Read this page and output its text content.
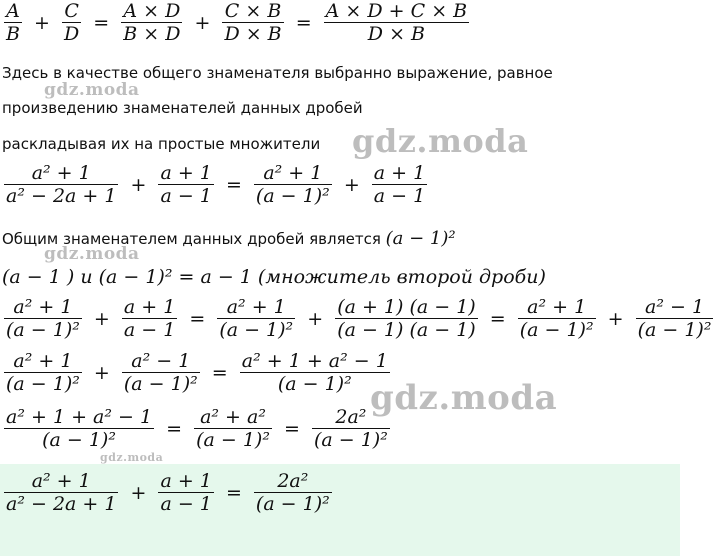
$\frac{A}{B} + \frac{C}{D} = \frac{A \times D}{B \times D} + \frac{C \times B}{D \times B} = \frac{A \times D + C \times B}{D \times B}$
Здесь в качестве общего знаменателя выбранно выражение, равное
gdz.moda
произведению знаменателей данных дробей
раскладывая их на простые множители gdz.moda
$\frac{\text{a² + 1}}{\text{a² − 2a + 1}} + \frac{a + 1}{a - 1} = \frac{\text{a² + 1}}{\text{(a − 1)²}} + \frac{a + 1}{a - 1}$
Oбщим знаменателем данных дробей является (a − 1)²
gdz.moda
(a − 1 ) и (a − 1)² = a − 1 (множитель второй дроби)
$\frac{\text{a² + 1}}{\text{(a − 1)²}} + \frac{a + 1}{a - 1} = \frac{\text{a² + 1}}{\text{(a − 1)²}} + \frac{(a + 1) (a - 1)}{(a - 1) (a - 1)} = \frac{\text{a² + 1}}{\text{(a − 1)²}} + \frac{\text{a² − 1}}{\text{(a − 1)²}}$
$\frac{\text{a² + 1}}{\text{(a − 1)²}} + \frac{\text{a² − 1}}{\text{(a − 1)²}} = \frac{\text{a² + 1 + a² − 1}}{\text{(a − 1)²}}$
gdz.moda
$\frac{\text{a² + 1 + a² − 1}}{\text{(a − 1)²}} = \frac{\text{a² + a²}}{\text{(a − 1)²}} = \frac{\text{2a²}}{\text{(a − 1)²}}$
gdz.moda
$\frac{\text{a² + 1}}{\text{a² − 2a + 1}} + \frac{a + 1}{a - 1} = \frac{\text{2a²}}{\text{(a − 1)²}}$
